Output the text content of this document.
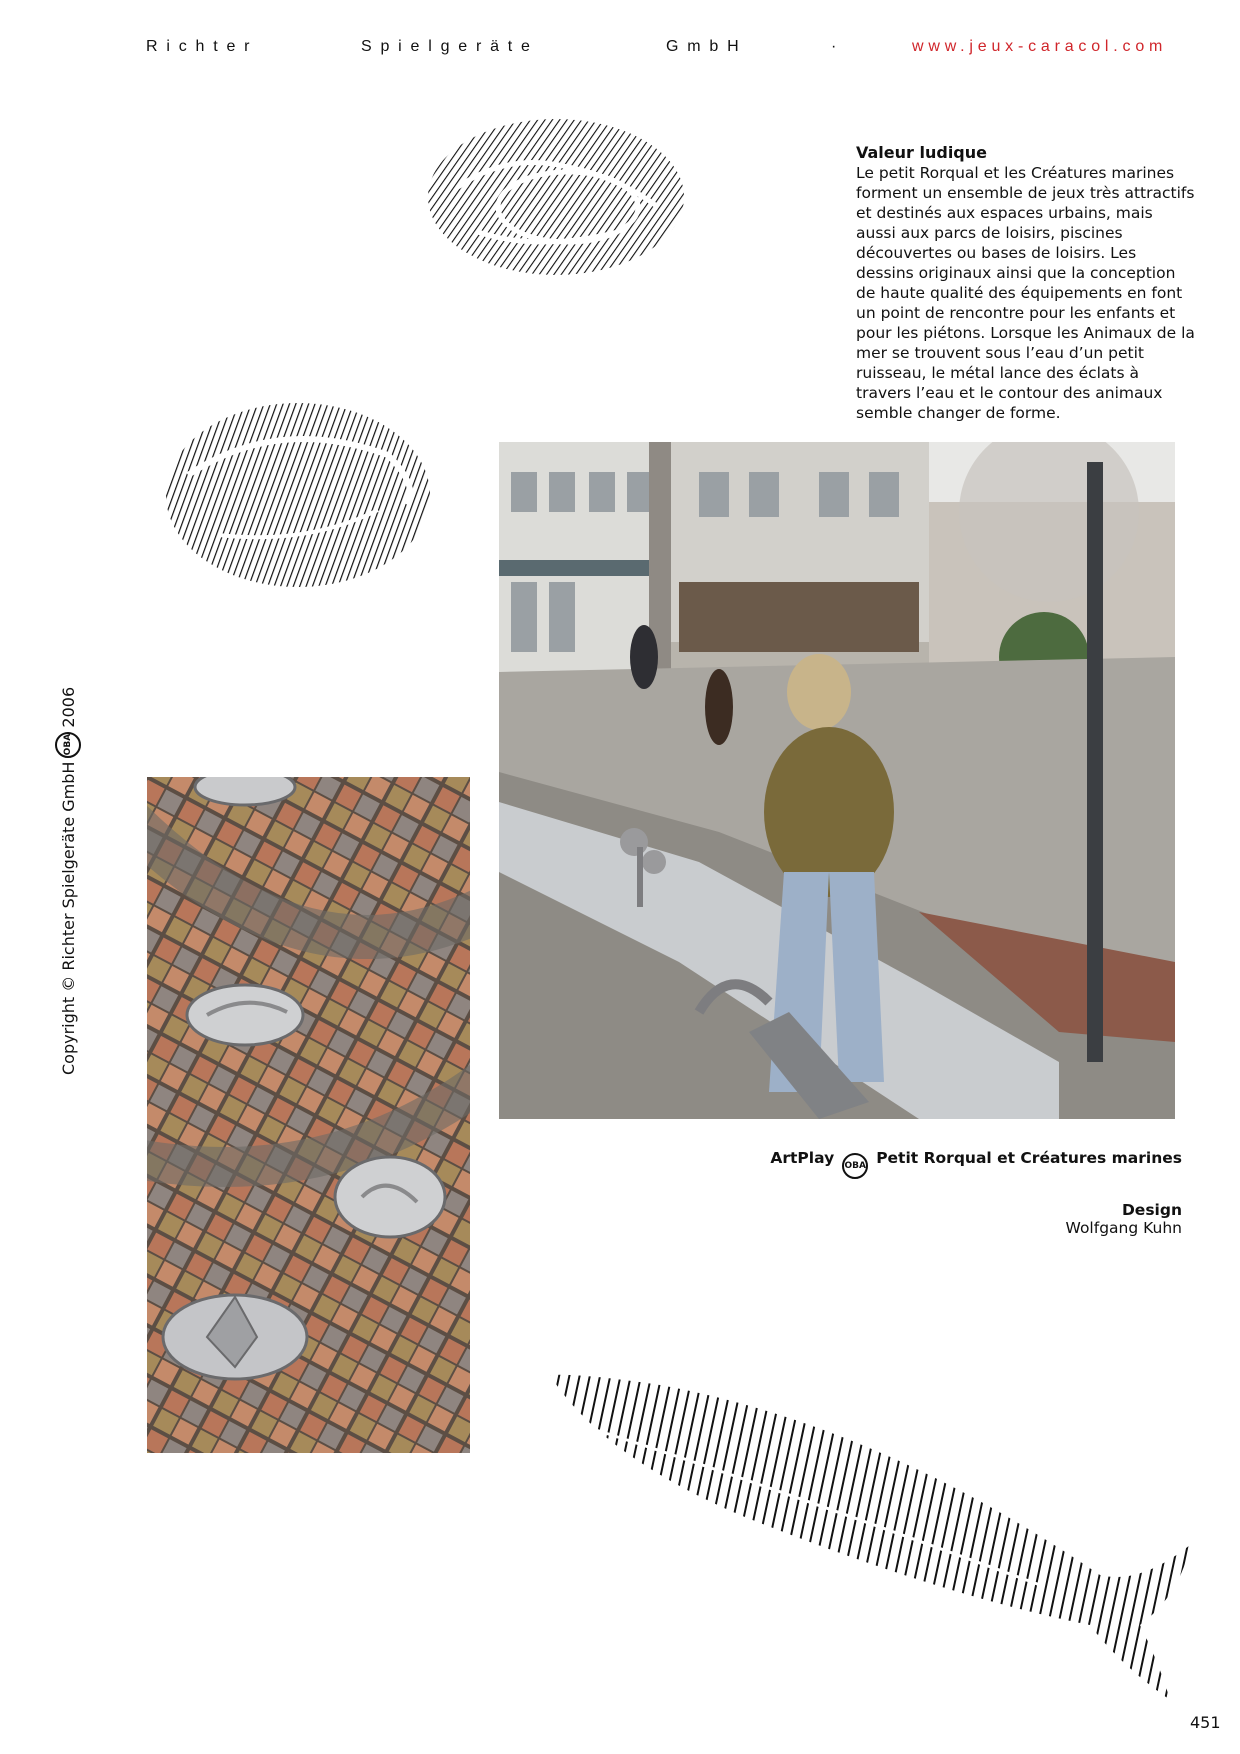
Richter	Spielgeräte	GmbH	·	www.jeux-caracol.com
Copyright © Richter Spielgeräte GmbH
OBA
2006
Valeur ludique

Le petit Rorqual et les Créatures marines forment un ensemble de jeux très attractifs et destinés aux espaces urbains, mais aussi aux parcs de loisirs, piscines découvertes ou bases de loisirs. Les dessins originaux ainsi que la conception de haute qualité des équipements en font un point de rencontre pour les enfants et pour les piétons. Lorsque les Animaux de la mer se trouvent sous l’eau d’un petit ruisseau, le métal lance des éclats à travers l’eau et le contour des animaux semble changer de forme.

ArtPlay OBA Petit Rorqual et Créatures marines
Design
Wolfgang Kuhn
451
